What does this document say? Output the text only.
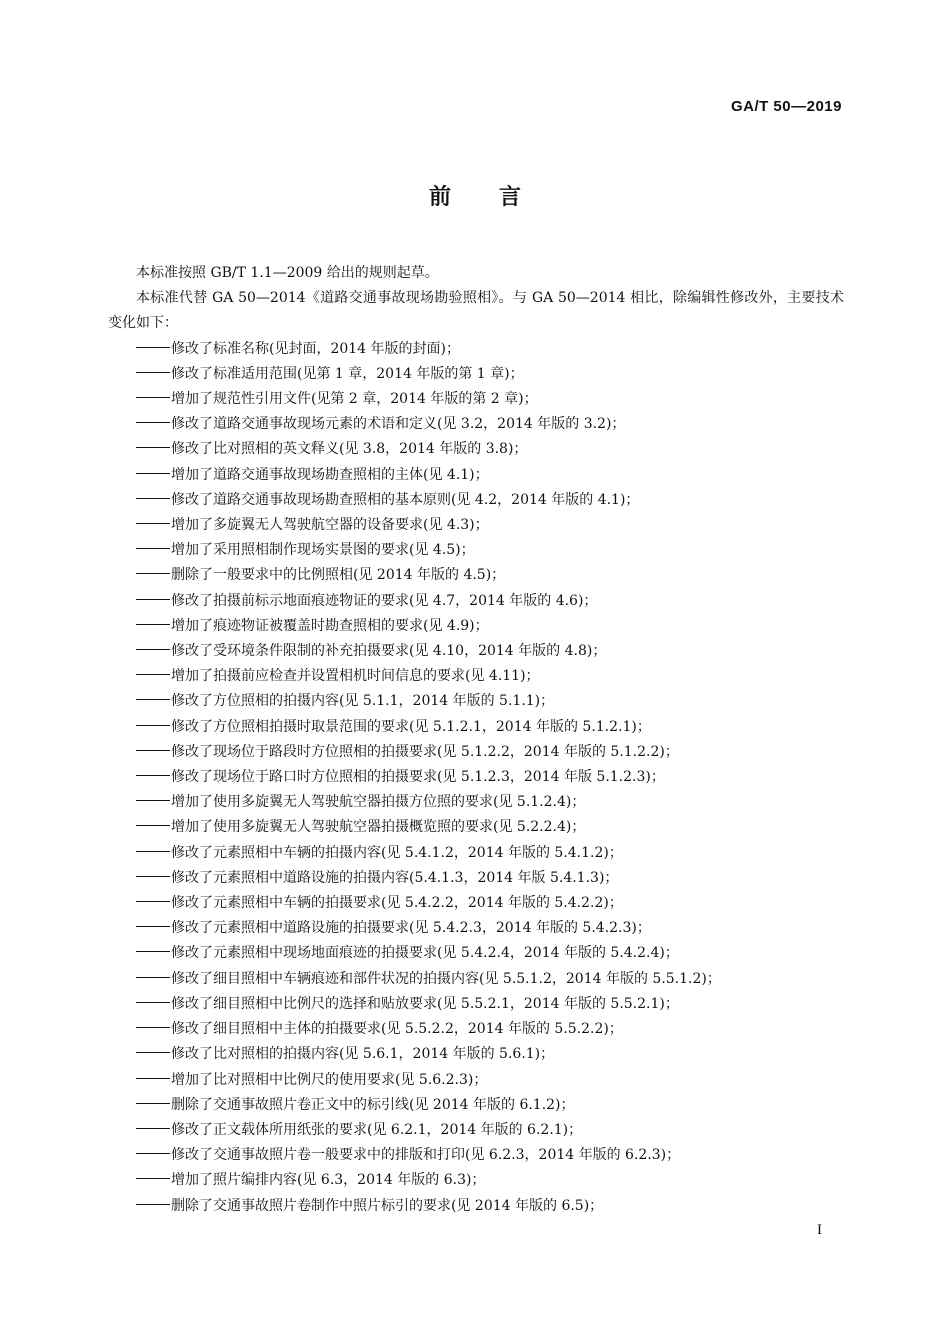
GA/T 50—2019
前言

本标准按照 GB/T 1.1—2009 给出的规则起草。

本标准代替 GA 50—2014《道路交通事故现场勘验照相》。与 GA 50—2014 相比，除编辑性修改外，主要技术变化如下：

修改了标准名称(见封面，2014 年版的封面)；
修改了标准适用范围(见第 1 章，2014 年版的第 1 章)；
增加了规范性引用文件(见第 2 章，2014 年版的第 2 章)；
修改了道路交通事故现场元素的术语和定义(见 3.2，2014 年版的 3.2)；
修改了比对照相的英文释义(见 3.8，2014 年版的 3.8)；
增加了道路交通事故现场勘查照相的主体(见 4.1)；
修改了道路交通事故现场勘查照相的基本原则(见 4.2，2014 年版的 4.1)；
增加了多旋翼无人驾驶航空器的设备要求(见 4.3)；
增加了采用照相制作现场实景图的要求(见 4.5)；
删除了一般要求中的比例照相(见 2014 年版的 4.5)；
修改了拍摄前标示地面痕迹物证的要求(见 4.7，2014 年版的 4.6)；
增加了痕迹物证被覆盖时勘查照相的要求(见 4.9)；
修改了受环境条件限制的补充拍摄要求(见 4.10，2014 年版的 4.8)；
增加了拍摄前应检查并设置相机时间信息的要求(见 4.11)；
修改了方位照相的拍摄内容(见 5.1.1，2014 年版的 5.1.1)；
修改了方位照相拍摄时取景范围的要求(见 5.1.2.1，2014 年版的 5.1.2.1)；
修改了现场位于路段时方位照相的拍摄要求(见 5.1.2.2，2014 年版的 5.1.2.2)；
修改了现场位于路口时方位照相的拍摄要求(见 5.1.2.3，2014 年版 5.1.2.3)；
增加了使用多旋翼无人驾驶航空器拍摄方位照的要求(见 5.1.2.4)；
增加了使用多旋翼无人驾驶航空器拍摄概览照的要求(见 5.2.2.4)；
修改了元素照相中车辆的拍摄内容(见 5.4.1.2，2014 年版的 5.4.1.2)；
修改了元素照相中道路设施的拍摄内容(5.4.1.3，2014 年版 5.4.1.3)；
修改了元素照相中车辆的拍摄要求(见 5.4.2.2，2014 年版的 5.4.2.2)；
修改了元素照相中道路设施的拍摄要求(见 5.4.2.3，2014 年版的 5.4.2.3)；
修改了元素照相中现场地面痕迹的拍摄要求(见 5.4.2.4，2014 年版的 5.4.2.4)；
修改了细目照相中车辆痕迹和部件状况的拍摄内容(见 5.5.1.2，2014 年版的 5.5.1.2)；
修改了细目照相中比例尺的选择和贴放要求(见 5.5.2.1，2014 年版的 5.5.2.1)；
修改了细目照相中主体的拍摄要求(见 5.5.2.2，2014 年版的 5.5.2.2)；
修改了比对照相的拍摄内容(见 5.6.1，2014 年版的 5.6.1)；
增加了比对照相中比例尺的使用要求(见 5.6.2.3)；
删除了交通事故照片卷正文中的标引线(见 2014 年版的 6.1.2)；
修改了正文载体所用纸张的要求(见 6.2.1，2014 年版的 6.2.1)；
修改了交通事故照片卷一般要求中的排版和打印(见 6.2.3，2014 年版的 6.2.3)；
增加了照片编排内容(见 6.3，2014 年版的 6.3)；
删除了交通事故照片卷制作中照片标引的要求(见 2014 年版的 6.5)；
I
